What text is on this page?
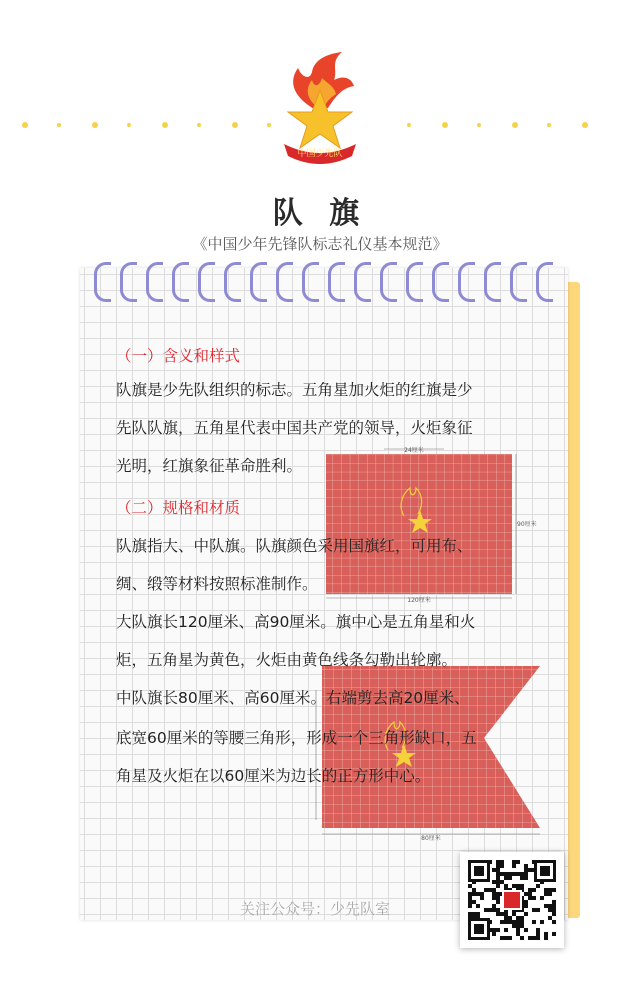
中国少先队
队 旗
《中国少年先锋队标志礼仪基本规范》
24厘米
120厘米
90厘米
80厘米
（一）含义和样式
队旗是少先队组织的标志。五角星加火炬的红旗是少
先队队旗，五角星代表中国共产党的领导，火炬象征
光明，红旗象征革命胜利。
（二）规格和材质
队旗指大、中队旗。队旗颜色采用国旗红，可用布、
绸、缎等材料按照标准制作。
大队旗长120厘米、高90厘米。旗中心是五角星和火
炬，五角星为黄色，火炬由黄色线条勾勒出轮廓。
中队旗长80厘米、高60厘米。右端剪去高20厘米、
底宽60厘米的等腰三角形，形成一个三角形缺口，五
角星及火炬在以60厘米为边长的正方形中心。
关注公众号：少先队室
